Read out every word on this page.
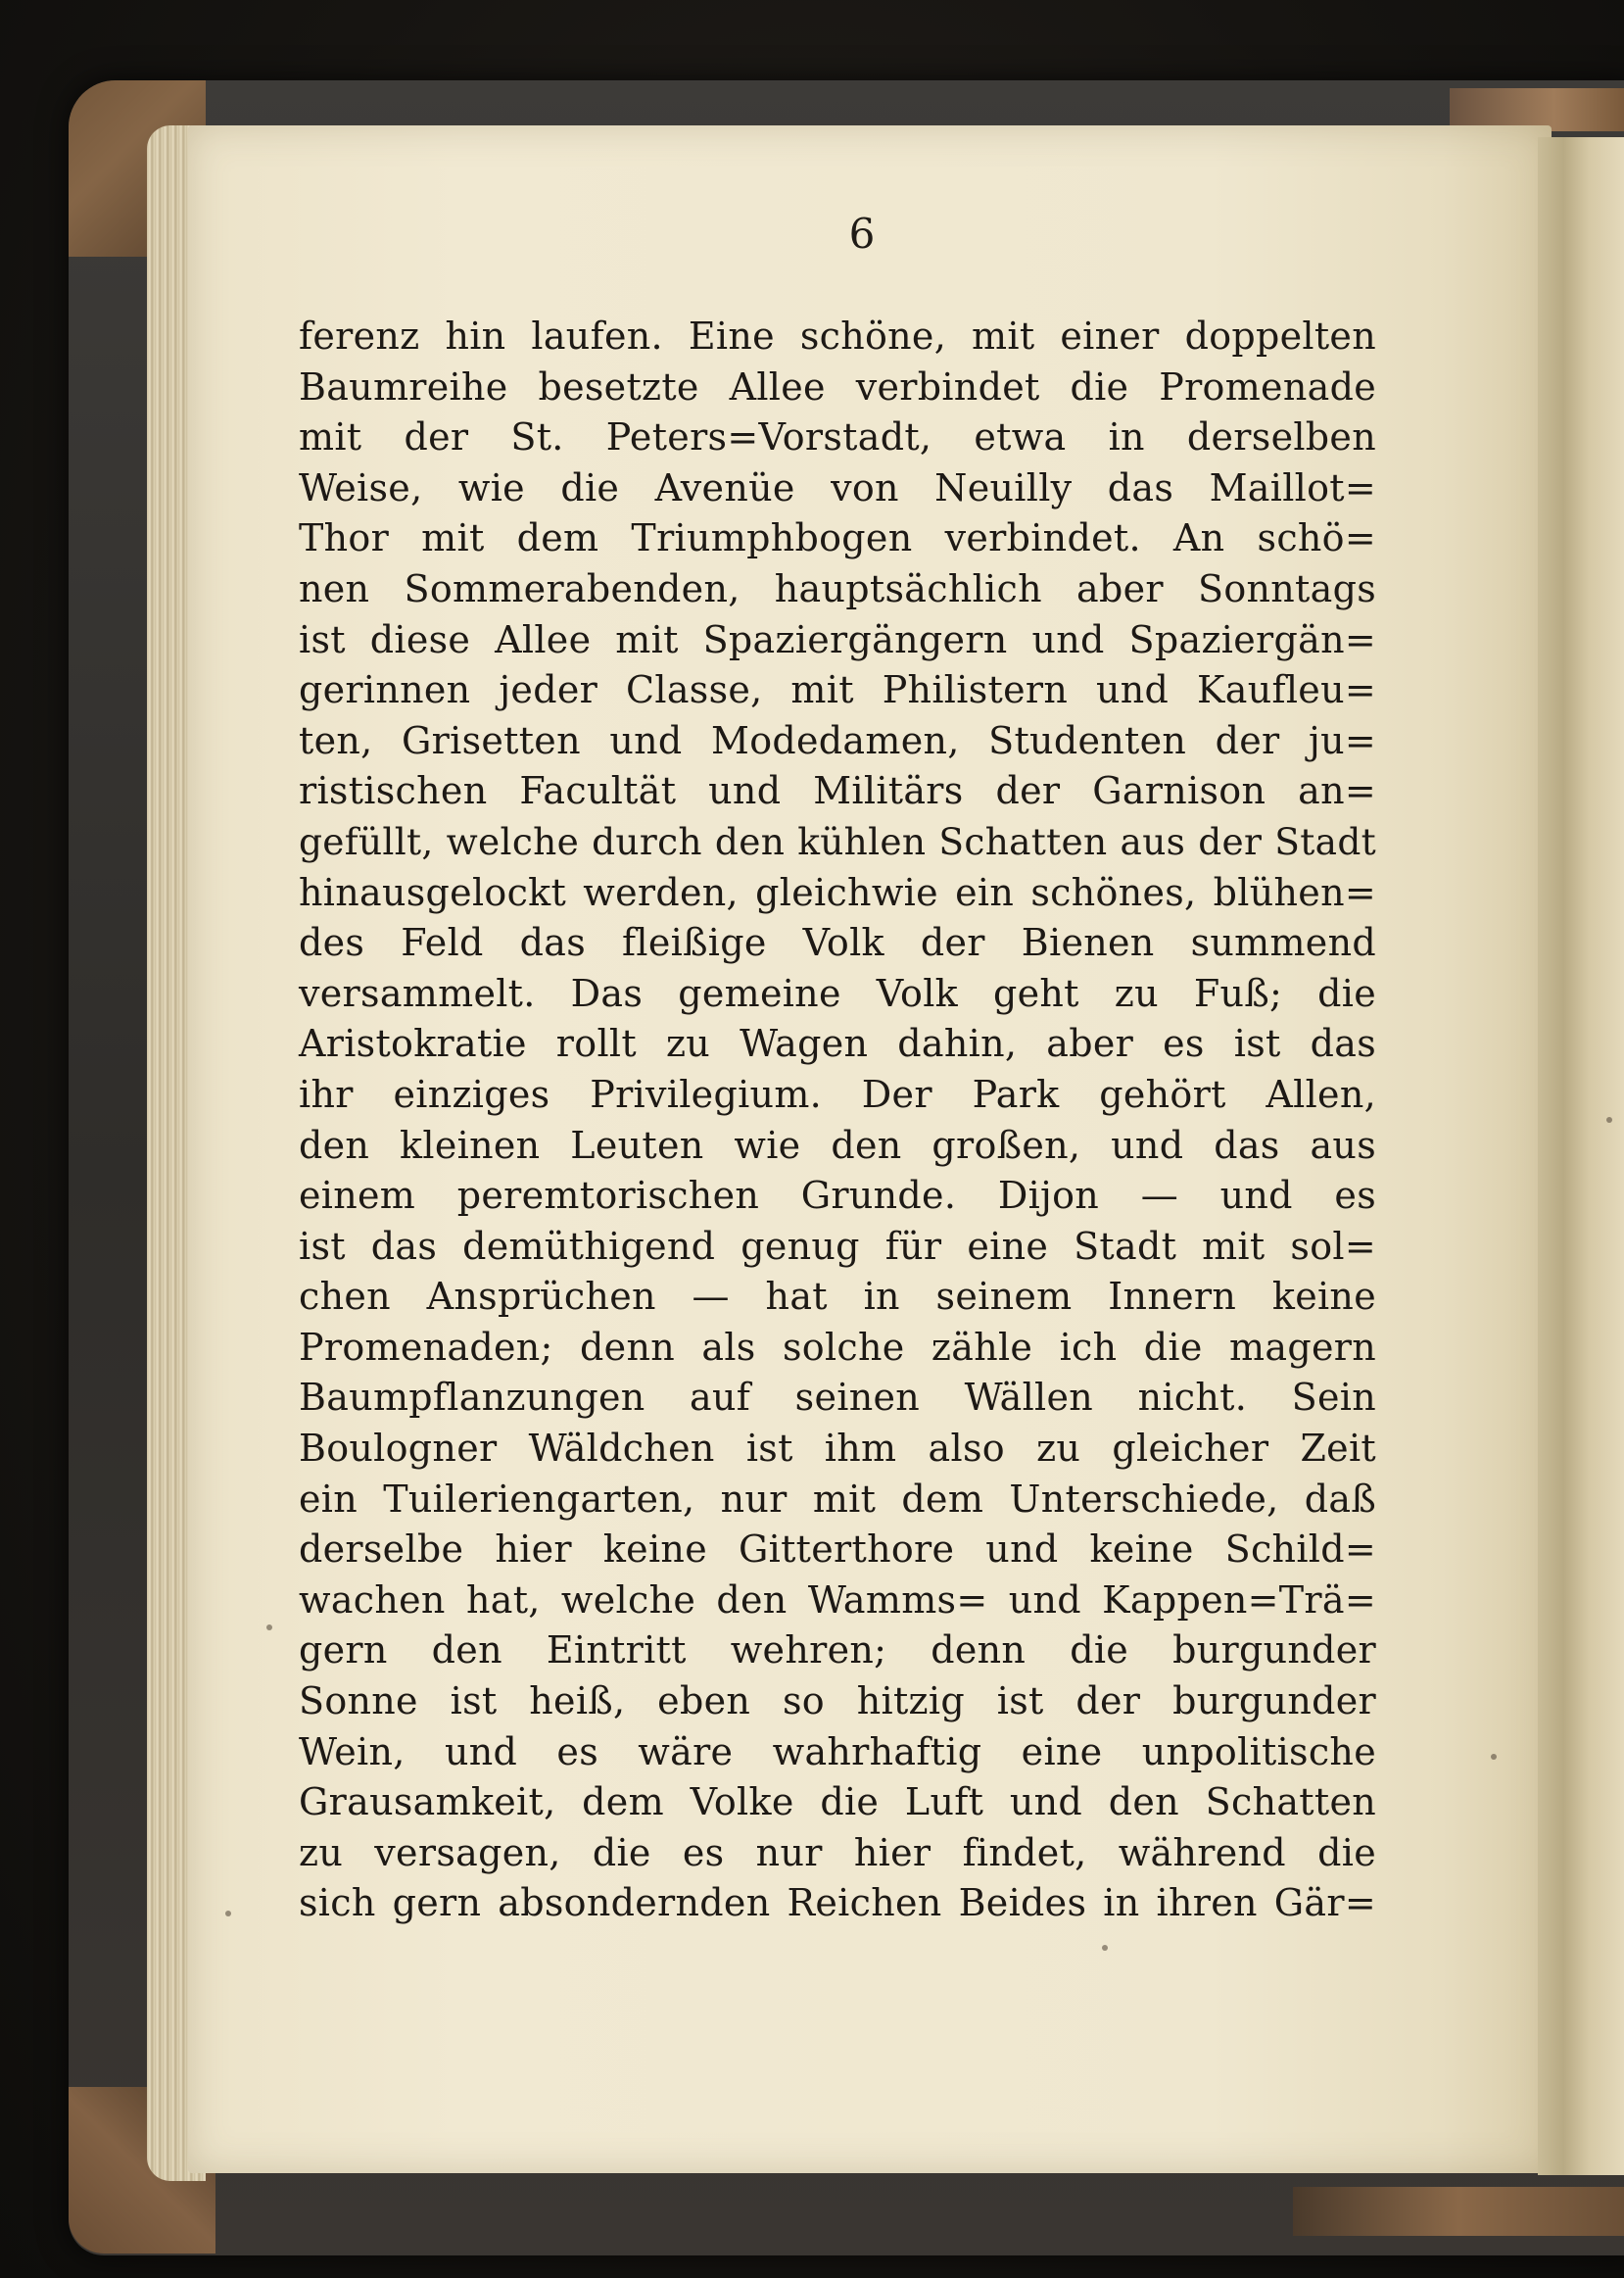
6

ferenz hin laufen. Eine schöne, mit einer doppelten
Baumreihe besetzte Allee verbindet die Promenade
mit der St. Peters=Vorstadt, etwa in derselben
Weise, wie die Avenüe von Neuilly das Maillot=
Thor mit dem Triumphbogen verbindet. An schö=
nen Sommerabenden, hauptsächlich aber Sonntags
ist diese Allee mit Spaziergängern und Spaziergän=
gerinnen jeder Classe, mit Philistern und Kaufleu=
ten, Grisetten und Modedamen, Studenten der ju=
ristischen Facultät und Militärs der Garnison an=
gefüllt, welche durch den kühlen Schatten aus der Stadt
hinausgelockt werden, gleichwie ein schönes, blühen=
des Feld das fleißige Volk der Bienen summend
versammelt. Das gemeine Volk geht zu Fuß; die
Aristokratie rollt zu Wagen dahin, aber es ist das
ihr einziges Privilegium. Der Park gehört Allen,
den kleinen Leuten wie den großen, und das aus
einem peremtorischen Grunde. Dijon — und es
ist das demüthigend genug für eine Stadt mit sol=
chen Ansprüchen — hat in seinem Innern keine
Promenaden; denn als solche zähle ich die magern
Baumpflanzungen auf seinen Wällen nicht. Sein
Boulogner Wäldchen ist ihm also zu gleicher Zeit
ein Tuileriengarten, nur mit dem Unterschiede, daß
derselbe hier keine Gitterthore und keine Schild=
wachen hat, welche den Wamms= und Kappen=Trä=
gern den Eintritt wehren; denn die burgunder
Sonne ist heiß, eben so hitzig ist der burgunder
Wein, und es wäre wahrhaftig eine unpolitische
Grausamkeit, dem Volke die Luft und den Schatten
zu versagen, die es nur hier findet, während die
sich gern absondernden Reichen Beides in ihren Gär=
